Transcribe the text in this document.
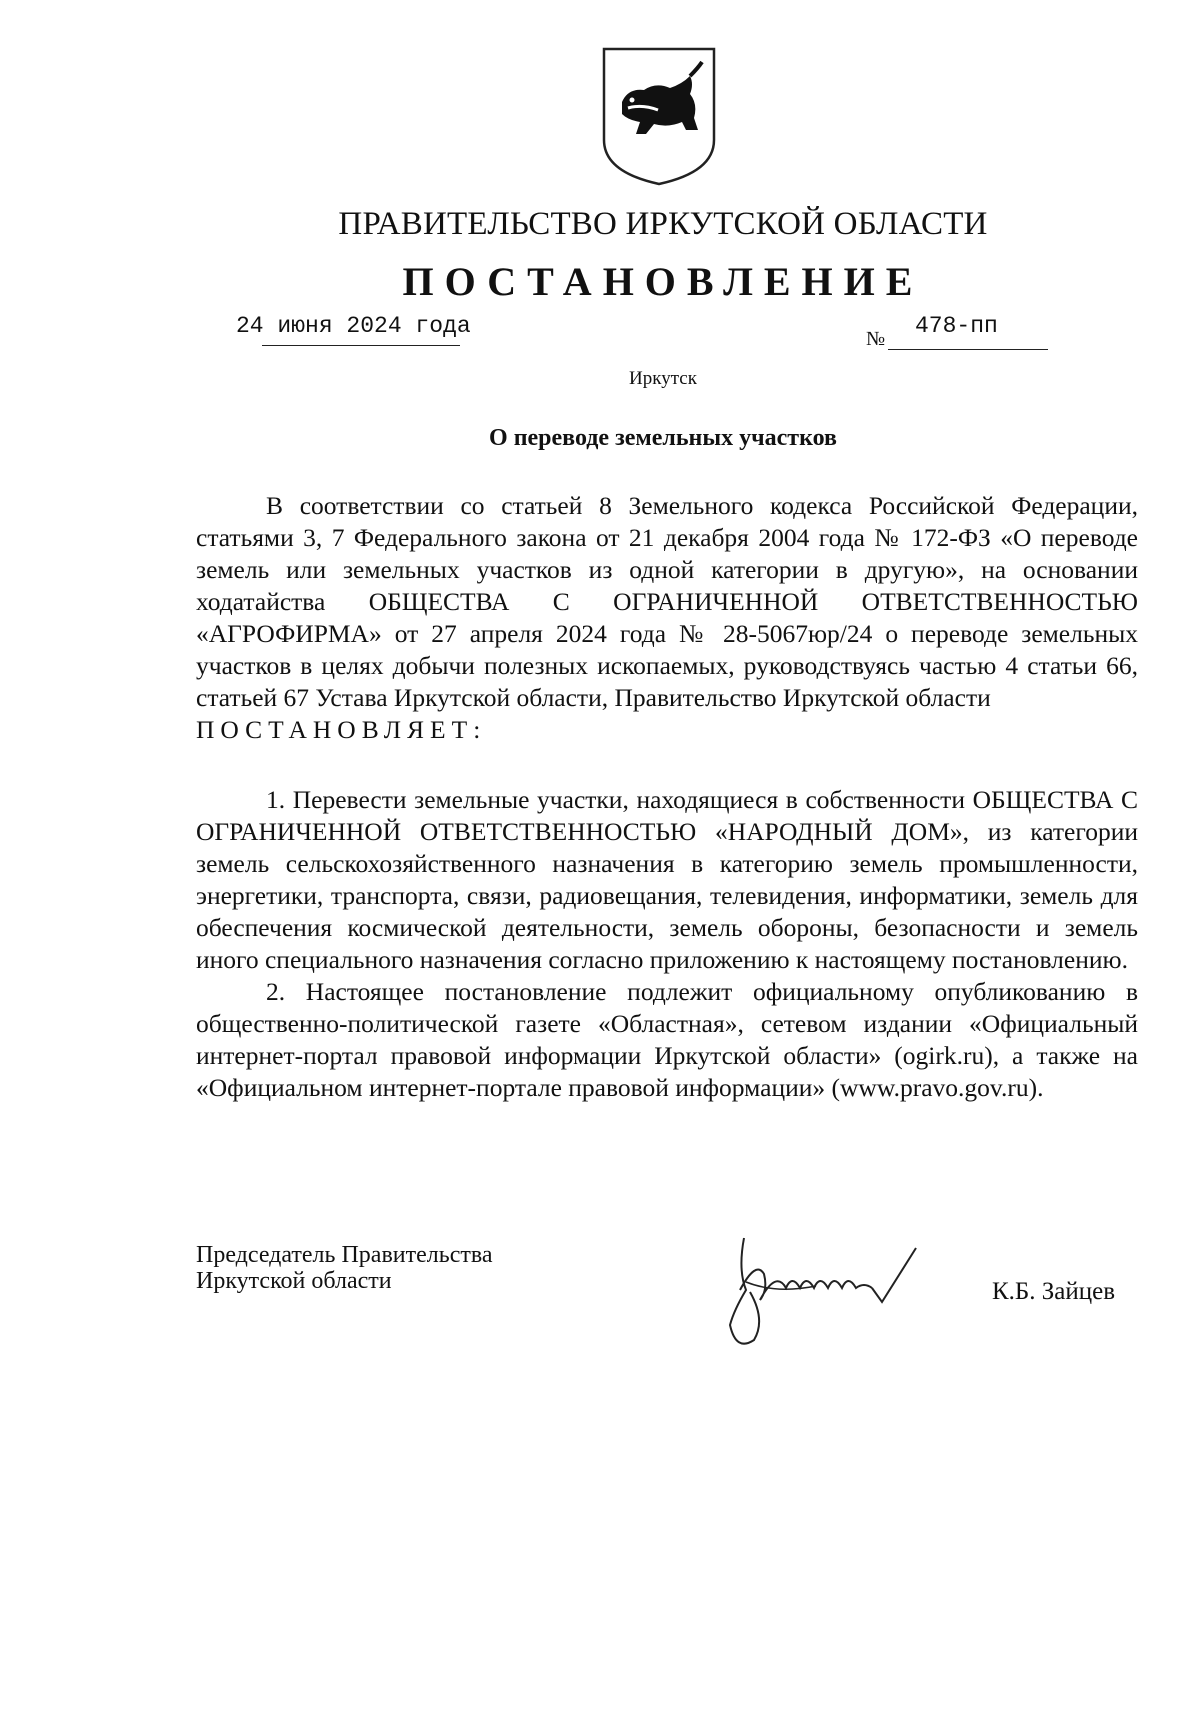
ПРАВИТЕЛЬСТВО ИРКУТСКОЙ ОБЛАСТИ
ПОСТАНОВЛЕНИЕ
24 июня 2024 года	№ 478-пп
Иркутск
О переводе земельных участков

В соответствии со статьей 8 Земельного кодекса Российской Федерации, статьями 3, 7 Федерального закона от 21 декабря 2004 года № 172-ФЗ «О переводе земель или земельных участков из одной категории в другую», на основании ходатайства ОБЩЕСТВА С ОГРАНИЧЕННОЙ ОТВЕТСТВЕННОСТЬЮ «АГРОФИРМА» от 27 апреля 2024 года № 28-5067юр/24 о переводе земельных участков в целях добычи полезных ископаемых, руководствуясь частью 4 статьи 66, статьей 67 Устава Иркутской области, Правительство Иркутской области

ПОСТАНОВЛЯЕТ:

1. Перевести земельные участки, находящиеся в собственности ОБЩЕСТВА С ОГРАНИЧЕННОЙ ОТВЕТСТВЕННОСТЬЮ «НАРОДНЫЙ ДОМ», из категории земель сельскохозяйственного назначения в категорию земель промышленности, энергетики, транспорта, связи, радиовещания, телевидения, информатики, земель для обеспечения космической деятельности, земель обороны, безопасности и земель иного специального назначения согласно приложению к настоящему постановлению.

2. Настоящее постановление подлежит официальному опубликованию в общественно-политической газете «Областная», сетевом издании «Официальный интернет-портал правовой информации Иркутской области» (ogirk.ru), а также на «Официальном интернет-портале правовой информации» (www.pravo.gov.ru).

Председатель Правительства
Иркутской области	К.Б. Зайцев
